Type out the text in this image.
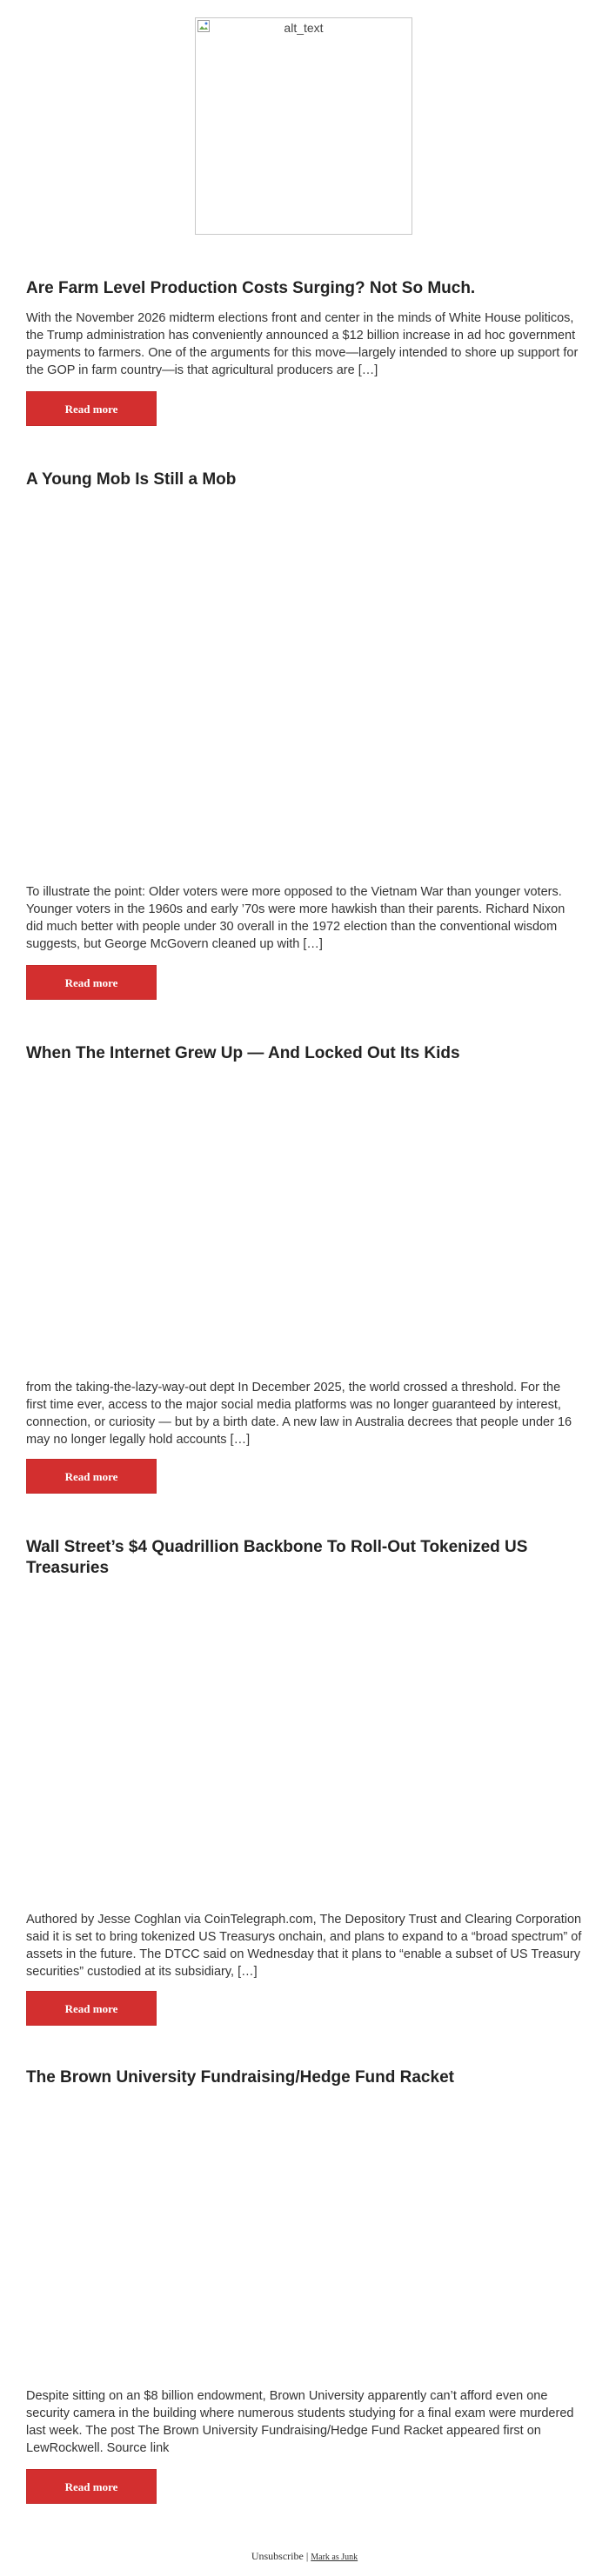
alt_text
Are Farm Level Production Costs Surging? Not So Much.

With the November 2026 midterm elections front and center in the minds of White House politicos, the Trump administration has conveniently announced a $12 billion increase in ad hoc government payments to farmers. One of the arguments for this move—largely intended to shore up support for the GOP in farm country—is that agricultural producers are […]

Read more
A Young Mob Is Still a Mob

To illustrate the point: Older voters were more opposed to the Vietnam War than younger voters. Younger voters in the 1960s and early ’70s were more hawkish than their parents. Richard Nixon did much better with people under 30 overall in the 1972 election than the conventional wisdom suggests, but George McGovern cleaned up with […]

Read more
When The Internet Grew Up — And Locked Out Its Kids

from the taking-the-lazy-way-out dept In December 2025, the world crossed a threshold. For the first time ever, access to the major social media platforms was no longer guaranteed by interest, connection, or curiosity — but by a birth date. A new law in Australia decrees that people under 16 may no longer legally hold accounts […]

Read more
Wall Street’s $4 Quadrillion Backbone To Roll-Out Tokenized US Treasuries

Authored by Jesse Coghlan via CoinTelegraph.com, The Depository Trust and Clearing Corporation said it is set to bring tokenized US Treasurys onchain, and plans to expand to a “broad spectrum” of assets in the future. The DTCC said on Wednesday that it plans to “enable a subset of US Treasury securities” custodied at its subsidiary, […]

Read more
The Brown University Fundraising/Hedge Fund Racket

Despite sitting on an $8 billion endowment, Brown University apparently can’t afford even one security camera in the building where numerous students studying for a final exam were murdered last week. The post The Brown University Fundraising/Hedge Fund Racket appeared first on LewRockwell. Source link

Read more
Unsubscribe | Mark as Junk
